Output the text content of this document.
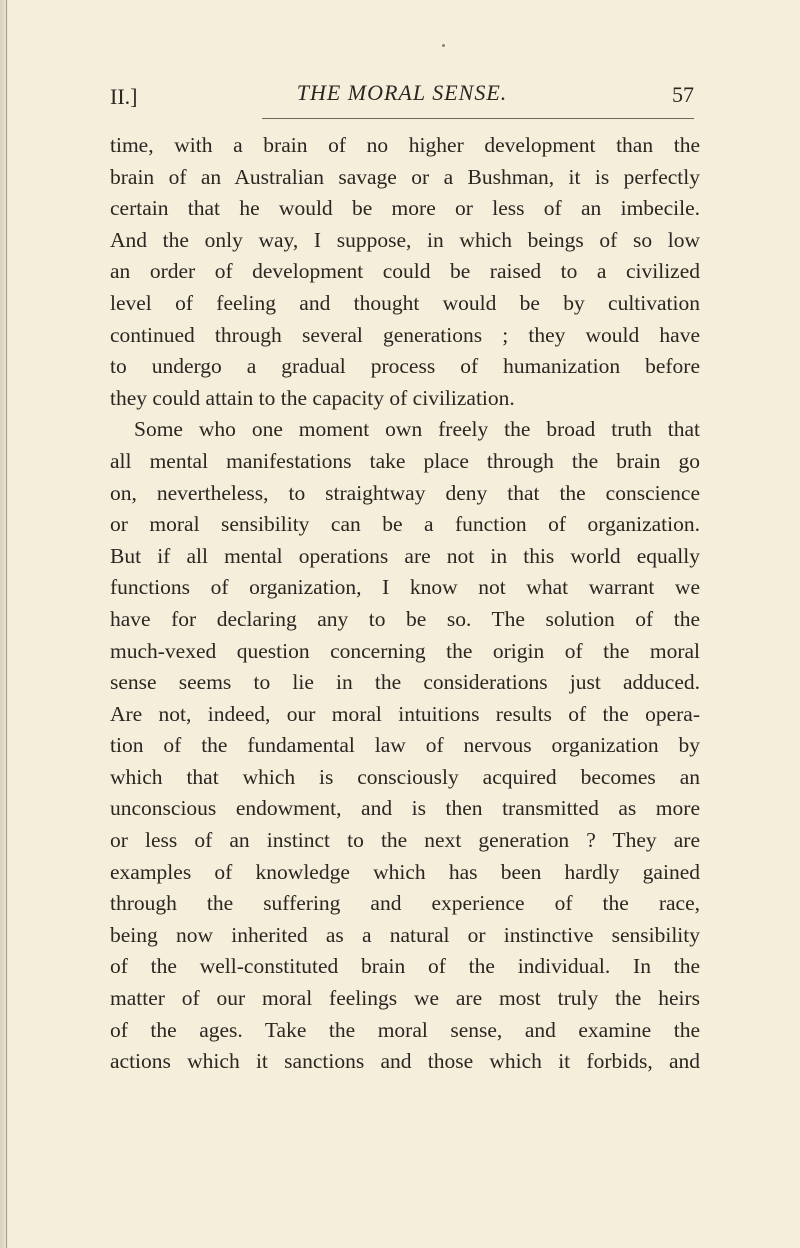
II.]	THE MORAL SENSE.	57
time, with a brain of no higher development than the
brain of an Australian savage or a Bushman, it is perfectly
certain that he would be more or less of an imbecile.
And the only way, I suppose, in which beings of so low
an order of development could be raised to a civilized
level of feeling and thought would be by cultivation
continued through several generations ; they would have
to undergo a gradual process of humanization before
they could attain to the capacity of civilization.
Some who one moment own freely the broad truth that
all mental manifestations take place through the brain go
on, nevertheless, to straightway deny that the conscience
or moral sensibility can be a function of organization.
But if all mental operations are not in this world equally
functions of organization, I know not what warrant we
have for declaring any to be so. The solution of the
much-vexed question concerning the origin of the moral
sense seems to lie in the considerations just adduced.
Are not, indeed, our moral intuitions results of the opera-
tion of the fundamental law of nervous organization by
which that which is consciously acquired becomes an
unconscious endowment, and is then transmitted as more
or less of an instinct to the next generation ? They are
examples of knowledge which has been hardly gained
through the suffering and experience of the race,
being now inherited as a natural or instinctive sensibility
of the well-constituted brain of the individual. In the
matter of our moral feelings we are most truly the heirs
of the ages. Take the moral sense, and examine the
actions which it sanctions and those which it forbids, and
